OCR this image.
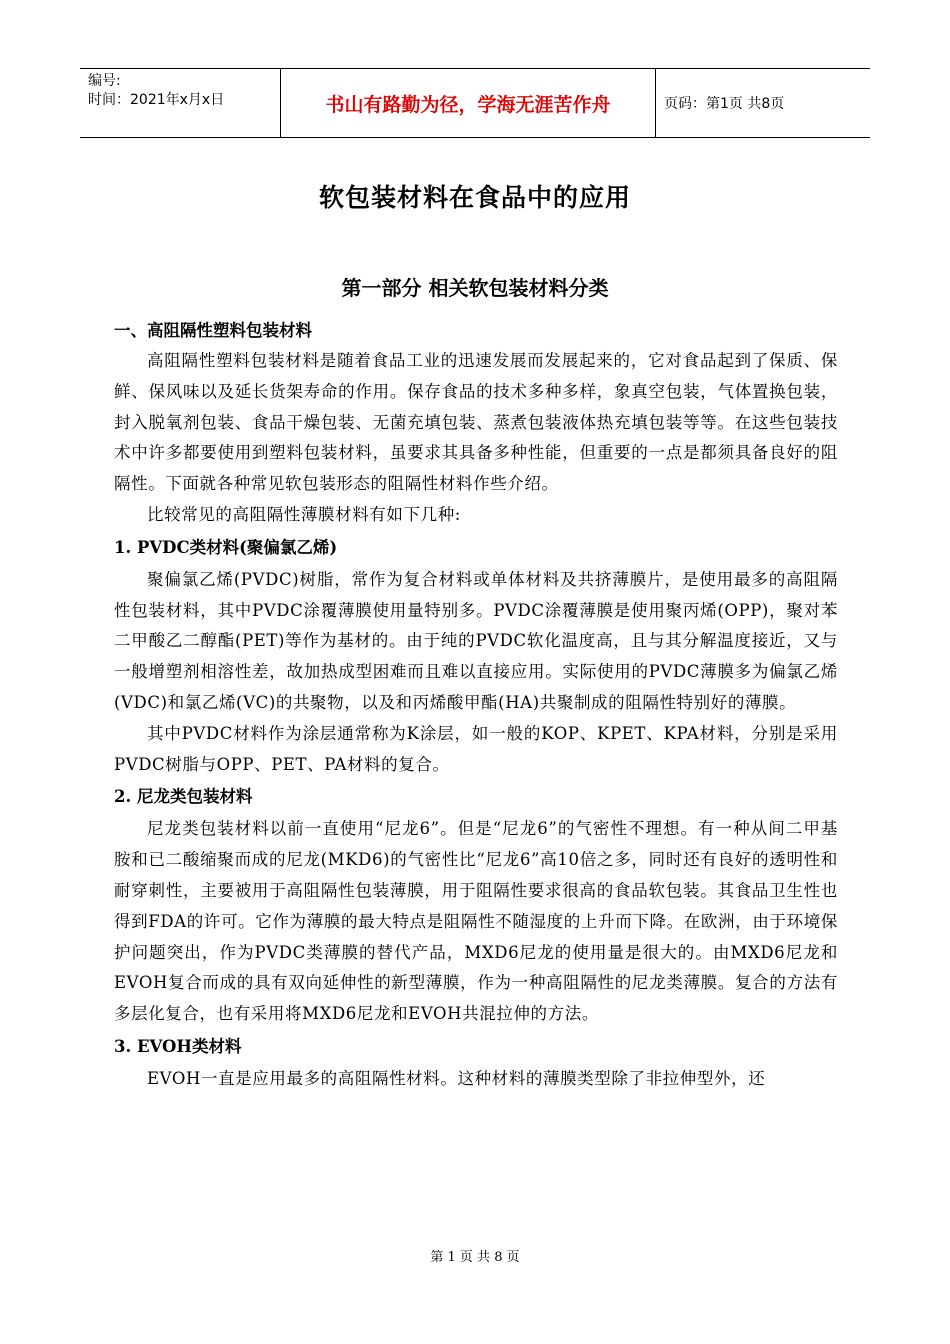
编号:
时间：2021年x月x日	书山有路勤为径，学海无涯苦作舟	页码：第1页 共8页
软包装材料在食品中的应用
第一部分 相关软包装材料分类
一、高阻隔性塑料包装材料

高阻隔性塑料包装材料是随着食品工业的迅速发展而发展起来的，它对食品起到了保质、保鲜、保风味以及延长货架寿命的作用。保存食品的技术多种多样，象真空包装，气体置换包装，封入脱氧剂包装、食品干燥包装、无菌充填包装、蒸煮包装液体热充填包装等等。在这些包装技术中许多都要使用到塑料包装材料，虽要求其具备多种性能，但重要的一点是都须具备良好的阻隔性。下面就各种常见软包装形态的阻隔性材料作些介绍。

比较常见的高阻隔性薄膜材料有如下几种:

1. PVDC类材料(聚偏氯乙烯)

聚偏氯乙烯(PVDC)树脂，常作为复合材料或单体材料及共挤薄膜片，是使用最多的高阻隔性包装材料，其中PVDC涂覆薄膜使用量特别多。PVDC涂覆薄膜是使用聚丙烯(OPP)，聚对苯二甲酸乙二醇酯(PET)等作为基材的。由于纯的PVDC软化温度高，且与其分解温度接近，又与一般增塑剂相溶性差，故加热成型困难而且难以直接应用。实际使用的PVDC薄膜多为偏氯乙烯(VDC)和氯乙烯(VC)的共聚物，以及和丙烯酸甲酯(HA)共聚制成的阻隔性特别好的薄膜。

其中PVDC材料作为涂层通常称为K涂层，如一般的KOP、KPET、KPA材料，分别是采用PVDC树脂与OPP、PET、PA材料的复合。

2. 尼龙类包装材料

尼龙类包装材料以前一直使用“尼龙6”。但是“尼龙6”的气密性不理想。有一种从间二甲基胺和已二酸缩聚而成的尼龙(MKD6)的气密性比“尼龙6”高10倍之多，同时还有良好的透明性和耐穿刺性，主要被用于高阻隔性包装薄膜，用于阻隔性要求很高的食品软包装。其食品卫生性也得到FDA的许可。它作为薄膜的最大特点是阻隔性不随湿度的上升而下降。在欧洲，由于环境保护问题突出，作为PVDC类薄膜的替代产品，MXD6尼龙的使用量是很大的。由MXD6尼龙和EVOH复合而成的具有双向延伸性的新型薄膜，作为一种高阻隔性的尼龙类薄膜。复合的方法有多层化复合，也有采用将MXD6尼龙和EVOH共混拉伸的方法。

3. EVOH类材料

EVOH一直是应用最多的高阻隔性材料。这种材料的薄膜类型除了非拉伸型外，还

第 1 页 共 8 页
